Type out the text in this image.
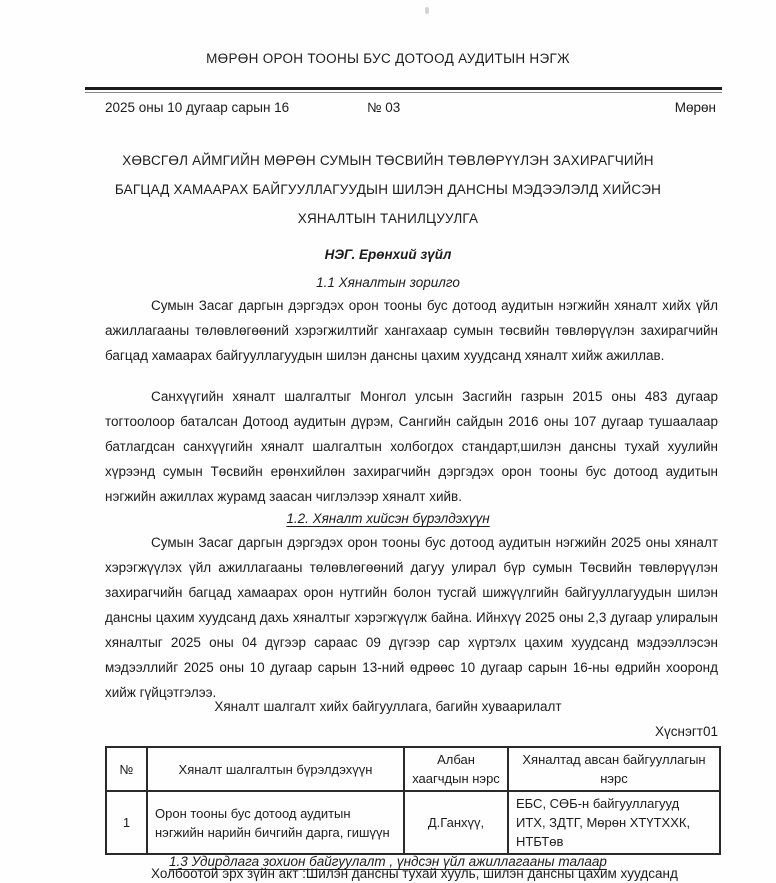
МӨРӨН ОРОН ТООНЫ БУС ДОТООД АУДИТЫН НЭГЖ
2025 оны 10 дугаар сарын 16	№ 03	Мөрөн
ХӨВСГӨЛ АЙМГИЙН МӨРӨН СУМЫН ТӨСВИЙН ТӨВЛӨРҮҮЛЭН ЗАХИРАГЧИЙН БАГЦАД ХАМААРАХ БАЙГУУЛЛАГУУДЫН ШИЛЭН ДАНСНЫ МЭДЭЭЛЭЛД ХИЙСЭН ХЯНАЛТЫН ТАНИЛЦУУЛГА
НЭГ. Ерөнхий зүйл
1.1 Хяналтын зорилго
Сумын Засаг даргын дэргэдэх орон тооны бус дотоод аудитын нэгжийн хяналт хийх үйл ажиллагааны төлөвлөгөөний хэрэгжилтийг хангахаар сумын төсвийн төвлөрүүлэн захирагчийн багцад хамаарах байгууллагуудын шилэн дансны цахим хуудсанд хяналт хийж ажиллав.
Санхүүгийн хяналт шалгалтыг Монгол улсын Засгийн газрын 2015 оны 483 дугаар тогтоолоор баталсан Дотоод аудитын дүрэм, Сангийн сайдын 2016 оны 107 дугаар тушаалаар батлагдсан санхүүгийн хяналт шалгалтын холбогдох стандарт,шилэн дансны тухай хуулийн хүрээнд сумын Төсвийн ерөнхийлөн захирагчийн дэргэдэх орон тооны бус дотоод аудитын нэгжийн ажиллах журамд заасан чиглэлээр хяналт хийв.
1.2. Хяналт хийсэн бүрэлдэхүүн
Сумын Засаг даргын дэргэдэх орон тооны бус дотоод аудитын нэгжийн 2025 оны хяналт хэрэгжүүлэх үйл ажиллагааны төлөвлөгөөний дагуу улирал бүр сумын Төсвийн төвлөрүүлэн захирагчийн багцад хамаарах орон нутгийн болон тусгай шижүүлгийн байгууллагуудын шилэн дансны цахим хуудсанд дахь хяналтыг хэрэгжүүлж байна. Ийнхүү 2025 оны 2,3 дугаар улиралын хяналтыг 2025 оны 04 дүгээр сараас 09 дүгээр сар хүртэлх цахим хуудсанд мэдээллэсэн мэдээллийг 2025 оны 10 дугаар сарын 13-ний өдрөөс 10 дугаар сарын 16-ны өдрийн хооронд хийж гүйцэтгэлээ.
Хяналт шалгалт хийх байгууллага, багийн хуваарилалт
Хүснэгт01
№	Хяналт шалгалтын бүрэлдэхүүн	Албан хаагчдын нэрс	Хяналтад авсан байгууллагын нэрс
1	Орон тооны бус дотоод аудитын нэгжийн нарийн бичгийн дарга, гишүүн	Д.Ганхүү,	ЕБС, СӨБ-н байгууллагууд ИТХ, ЗДТГ, Мөрөн ХТҮТХХК, НТБТөв
1.3 Удирдлага зохион байгуулалт , үндсэн үйл ажиллагааны талаар
Холбоотой эрх зүйн акт :Шилэн дансны тухай хууль, шилэн дансны цахим хуудсанд
